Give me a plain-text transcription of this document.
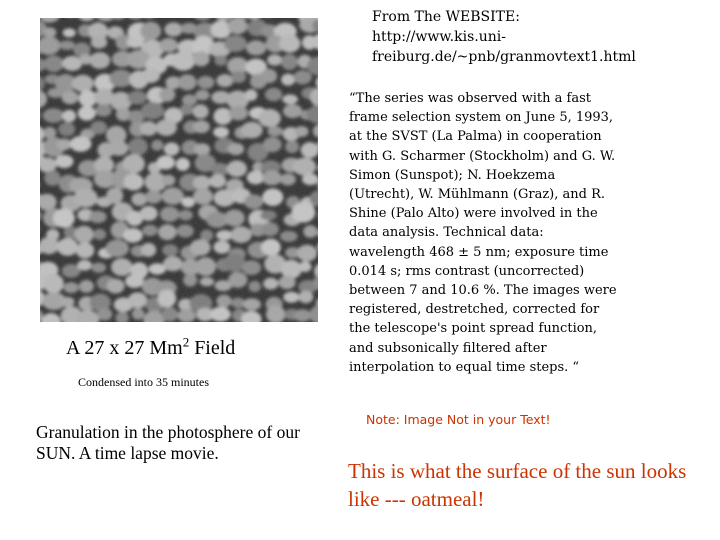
A 27 x 27 Mm$^2$ Field
Condensed into 35 minutes
Granulation in the photosphere of our SUN. A time lapse movie.
From The WEBSITE:
http://www.kis.uni-freiburg.de/~pnb/granmovtext1.html
“The series was observed with a fast frame selection system on June 5, 1993, at the SVST (La Palma) in cooperation with G. Scharmer (Stockholm) and G. W. Simon (Sunspot); N. Hoekzema (Utrecht), W. Mühlmann (Graz), and R. Shine (Palo Alto) were involved in the data analysis. Technical data: wavelength 468 ± 5 nm; exposure time 0.014 s; rms contrast (uncorrected) between 7 and 10.6 %. The images were registered, destretched, corrected for the telescope's point spread function, and subsonically filtered after interpolation to equal time steps. “
Note: Image Not in your Text!
This is what the surface of the sun looks like --- oatmeal!
